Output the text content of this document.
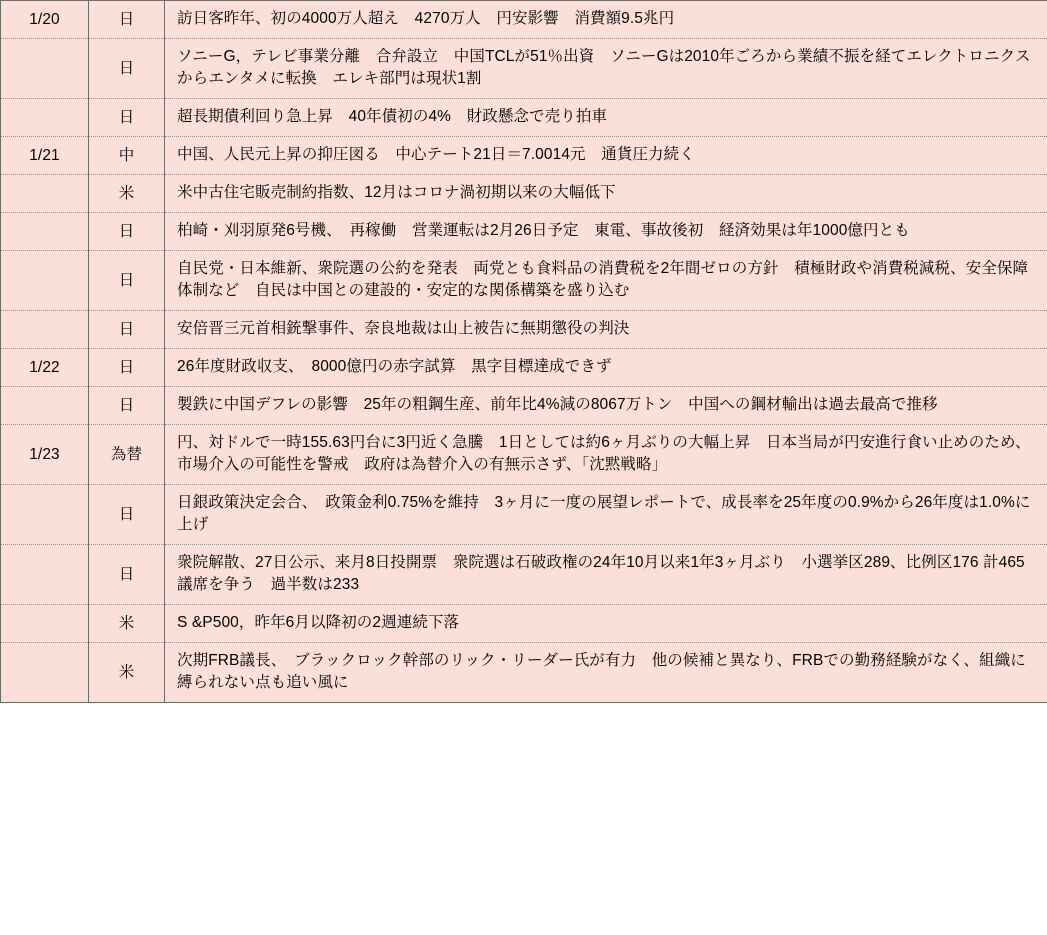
1/20	日	訪日客昨年、初の4000万人超え　4270万人　円安影響　消費額9.5兆円

	日	ソニーG，テレビ事業分離　合弁設立　中国TCLが51％出資　ソニーGは2010年ごろから業績不振を経てエレクトロニクスからエンタメに転換　エレキ部門は現状1割

	日	超長期債利回り急上昇　40年債初の4%　財政懸念で売り拍車

1/21	中	中国、人民元上昇の抑圧図る　中心テート21日＝7.0014元　通貨圧力続く

	米	米中古住宅販売制約指数、12月はコロナ渦初期以来の大幅低下

	日	柏崎・刈羽原発6号機、　再稼働　営業運転は2月26日予定　東電、事故後初　経済効果は年1000億円とも

	日	自民党・日本維新、衆院選の公約を発表　両党とも食料品の消費税を2年間ゼロの方針　積極財政や消費税減税、安全保障体制など　自民は中国との建設的・安定的な関係構築を盛り込む

	日	安倍晋三元首相銃撃事件、奈良地裁は山上被告に無期懲役の判決

1/22	日	26年度財政収支、　8000億円の赤字試算　黒字目標達成できず

	日	製鉄に中国デフレの影響　25年の粗鋼生産、前年比4%減の8067万トン　中国への鋼材輸出は過去最高で推移

1/23	為替	円、対ドルで一時155.63円台に3円近く急騰　1日としては約6ヶ月ぶりの大幅上昇　日本当局が円安進行食い止めのため、市場介入の可能性を警戒　政府は為替介入の有無示さず、「沈黙戦略」

	日	日銀政策決定会合、　政策金利0.75%を維持　3ヶ月に一度の展望レポートで、成長率を25年度の0.9%から26年度は1.0%に上げ

	日	衆院解散、27日公示、来月8日投開票　衆院選は石破政権の24年10月以来1年3ヶ月ぶり　小選挙区289、比例区176 計465議席を争う　過半数は233

	米	S &P500，昨年6月以降初の2週連続下落

	米	次期FRB議長、　ブラックロック幹部のリック・リーダー氏が有力　他の候補と異なり、FRBでの勤務経験がなく、組織に縛られない点も追い風に
